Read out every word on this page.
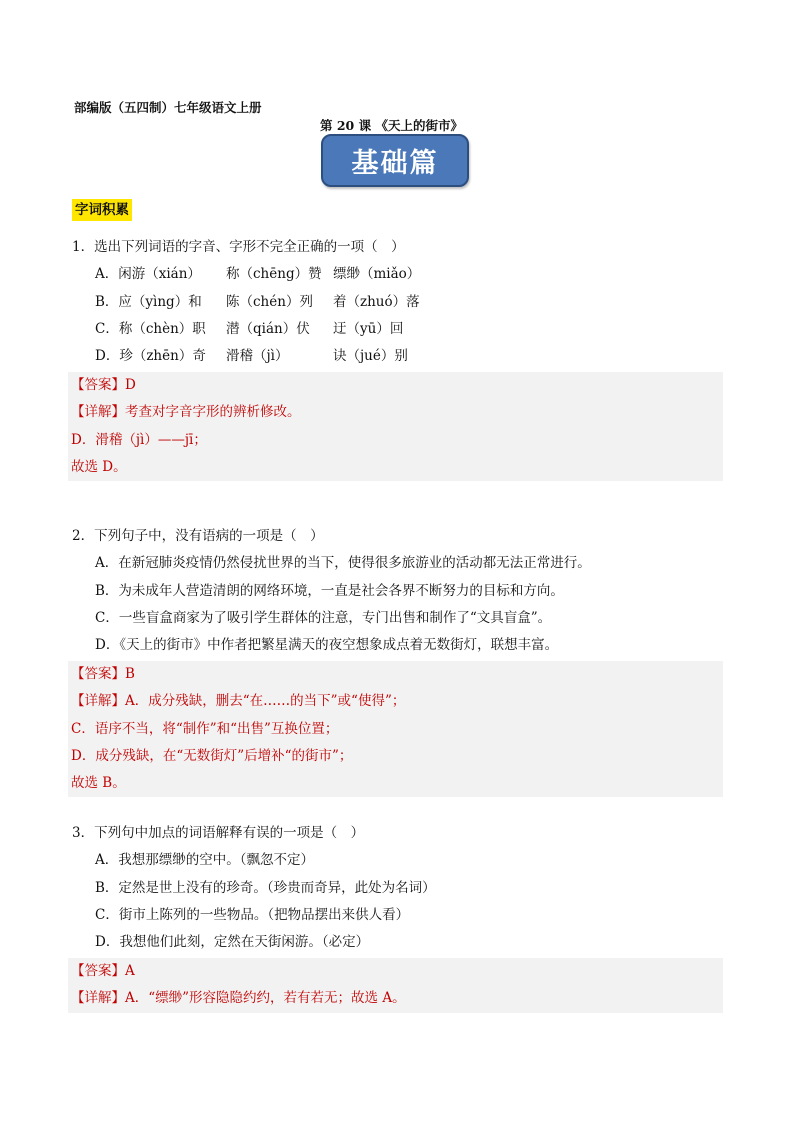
部编版（五四制）七年级语文上册
第 20 课 《天上的街市》
基础篇
字词积累
1．选出下列词语的字音、字形不完全正确的一项（　）
A．闲游（xián） 称（chēng）赞 缥缈（miǎo）
B．应（yìng）和 陈（chén）列 着（zhuó）落
C．称（chèn）职 潜（qián）伏 迂（yū）回
D．珍（zhēn）奇 滑稽（jì）	诀（jué）别
【答案】D
【详解】考查对字音字形的辨析修改。
D．滑稽（jì）——jī；
故选 D。
2．下列句子中，没有语病的一项是（　）
A．在新冠肺炎疫情仍然侵扰世界的当下，使得很多旅游业的活动都无法正常进行。
B．为未成年人营造清朗的网络环境，一直是社会各界不断努力的目标和方向。
C．一些盲盒商家为了吸引学生群体的注意，专门出售和制作了“文具盲盒”。
D．《天上的街市》中作者把繁星满天的夜空想象成点着无数街灯，联想丰富。
【答案】B
【详解】A．成分残缺，删去“在……的当下”或“使得”；
C．语序不当，将“制作”和“出售”互换位置；
D．成分残缺，在“无数街灯”后增补“的街市”；
故选 B。
3．下列句中加点的词语解释有误的一项是（　）
A．我想那缥缈的空中。（飘忽不定）
B．定然是世上没有的珍奇。（珍贵而奇异，此处为名词）
C．街市上陈列的一些物品。（把物品摆出来供人看）
D．我想他们此刻，定然在天街闲游。（必定）
【答案】A
【详解】A．“缥缈”形容隐隐约约，若有若无；故选 A。
